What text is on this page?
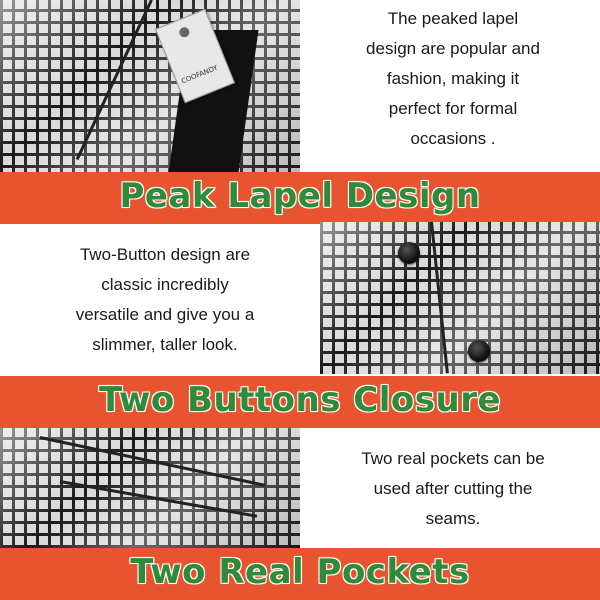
COOFANDY
The peaked lapel
design are popular and
fashion, making it
perfect for formal
occasions .
Peak Lapel Design
Two-Button design are
classic incredibly
versatile and give you a
slimmer, taller look.
Two Buttons Closure
Two real pockets can be
used after cutting the
seams.
Two Real Pockets
